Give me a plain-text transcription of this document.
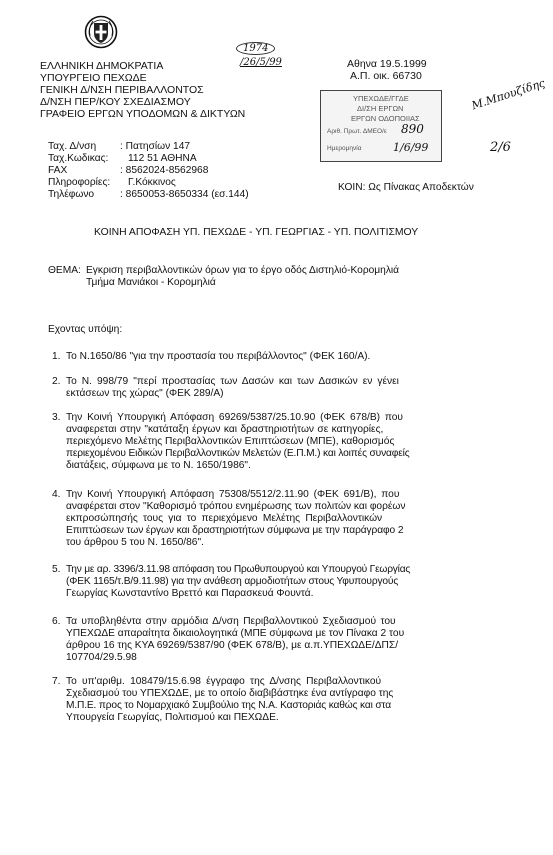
ΕΛΛΗΝΙΚΗ ΔΗΜΟΚΡΑΤΙΑ
ΥΠΟΥΡΓΕΙΟ ΠΕΧΩΔΕ
ΓΕΝΙΚΗ Δ/ΝΣΗ ΠΕΡΙΒΑΛΛΟΝΤΟΣ
Δ/ΝΣΗ ΠΕΡ/ΚΟΥ ΣΧΕΔΙΑΣΜΟΥ
ΓΡΑΦΕΙΟ ΕΡΓΩΝ ΥΠΟΔΟΜΩΝ & ΔΙΚΤΥΩΝ
1974
/26/5/99	Αθηνα 19.5.1999
Α.Π. οικ. 66730
ΥΠΕΧΩΔΕ/ΓΓΔΕ
ΔΙ/ΣΗ ΕΡΓΩΝ
ΕΡΓΩΝ ΟΔΟΠΟΙΙΑΣ
Αριθ. Πρωτ. ΔΜΕΟ/ε 890
Ημερομηνία	1/6/99
Μ.Μπουζίδης
2/6
Ταχ. Δ/νση	: Πατησίων 147
Ταχ.Κωδικας:	112 51 ΑΘΗΝΑ
FAX	: 8562024-8562968
Πληροφορίες:	Γ.Κόκκινος
Τηλέφωνο	: 8650053-8650334 (εσ.144)
ΚΟΙΝ: Ως Πίνακας Αποδεκτών
ΚΟΙΝΗ ΑΠΟΦΑΣΗ ΥΠ. ΠΕΧΩΔΕ - ΥΠ. ΓΕΩΡΓΙΑΣ - ΥΠ. ΠΟΛΙΤΙΣΜΟΥ
ΘΕΜΑ: Εγκριση περιβαλλοντικών όρων για το έργο οδός Διστηλιό-Κορομηλιά
Τμήμα Μανιάκοι - Κορομηλιά
Εχοντας υπόψη:
1. Το Ν.1650/86 "για την προστασία του περιβάλλοντος" (ΦΕΚ 160/Α).
2. Το Ν. 998/79 "περί προστασίας των Δασών και των Δασικών εν γένει
εκτάσεων της χώρας" (ΦΕΚ 289/Α)
3. Την Κοινή Υπουργική Απόφαση 69269/5387/25.10.90 (ΦΕΚ 678/Β) που
αναφερεται στην "κατάταξη έργων και δραστηριοτήτων σε κατηγορίες,
περιεχόμενο Μελέτης Περιβαλλοντικών Επιπτώσεων (ΜΠΕ), καθορισμός
περιεχομένου Ειδικών Περιβαλλοντικών Μελετών (Ε.Π.Μ.) και λοιπές συναφείς
διατάξεις, σύμφωνα με το Ν. 1650/1986".
4. Την Κοινή Υπουργική Απόφαση 75308/5512/2.11.90 (ΦΕΚ 691/Β), που
αναφέρεται στον "Καθορισμό τρόπου ενημέρωσης των πολιτών και φορέων
εκπροσώπησής τους για το περιεχόμενο Μελέτης Περιβαλλοντικών
Επιπτώσεων των έργων και δραστηριοτήτων σύμφωνα με την παράγραφο 2
του άρθρου 5 του Ν. 1650/86".
5. Την με αρ. 3396/3.11.98 απόφαση του Πρωθυπουργού και Υπουργού Γεωργίας
(ΦΕΚ 1165/τ.Β/9.11.98) για την ανάθεση αρμοδιοτήτων στους Υφυπουργούς
Γεωργίας Κωνσταντίνο Βρεττό και Παρασκευά Φουντά.
6. Τα υποβληθέντα στην αρμόδια Δ/νση Περιβαλλοντικού Σχεδιασμού του
ΥΠΕΧΩΔΕ απαραίτητα δικαιολογητικά (ΜΠΕ σύμφωνα με τον Πίνακα 2 του
άρθρου 16 της ΚΥΑ 69269/5387/90 (ΦΕΚ 678/Β), με α.π.ΥΠΕΧΩΔΕ/ΔΠΣ/
107704/29.5.98
7. Το υπ'αριθμ. 108479/15.6.98 έγγραφο της Δ/νσης Περιβαλλοντικού
Σχεδιασμού του ΥΠΕΧΩΔΕ, με το οποίο διαβιβάστηκε ένα αντίγραφο της
Μ.Π.Ε. προς το Νομαρχιακό Συμβούλιο της Ν.Α. Καστοριάς καθώς και στα
Υπουργεία Γεωργίας, Πολιτισμού και ΠΕΧΩΔΕ.
